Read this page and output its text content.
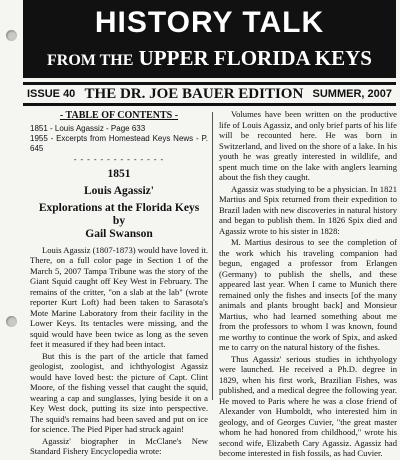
HISTORY TALK
FROM THE UPPER FLORIDA KEYS
ISSUE 40 THE DR. JOE BAUER EDITION SUMMER, 2007
- TABLE OF CONTENTS -
1851 - Louis Agassiz - Page 633
1955 - Excerpts from Homestead Keys News - P. 645
- - - - - - - - - - - - - -
1851
Louis Agassiz'
Explorations at the Florida Keys
by
Gail Swanson

Louis Agassiz (1807-1873) would have loved it. There, on a full color page in Section 1 of the March 5, 2007 Tampa Tribune was the story of the Giant Squid caught off Key West in February. The remains of the critter, "on a slab at the lab" (wrote reporter Kurt Loft) had been taken to Sarasota's Mote Marine Laboratory from their facility in the Lower Keys. Its tentacles were missing, and the squid would have been twice as long as the seven feet it measured if they had been intact.

But this is the part of the article that famed geologist, zoologist, and ichthyologist Agassiz would have loved best: the picture of Capt. Clint Moore, of the fishing vessel that caught the squid, wearing a cap and sunglasses, lying beside it on a Key West dock, putting its size into perspective. The squid's remains had been saved and put on ice for science. The Pied Piper had struck again!

Agassiz' biographer in McClane's New Standard Fishery Encyclopedia wrote:

Volumes have been written on the productive life of Louis Agassiz, and only brief parts of his life will be recounted here. He was born in Switzerland, and lived on the shore of a lake. In his youth he was greatly interested in wildlife, and spent much time on the lake with anglers learning about the fish they caught.

Agassiz was studying to be a physician. In 1821 Martius and Spix returned from their expedition to Brazil laden with new discoveries in natural history and began to publish them. In 1826 Spix died and Agassiz wrote to his sister in 1828:

M. Martius desirous to see the completion of the work which his traveling companion had begun, engaged a professor from Erlangen (Germany) to publish the shells, and these appeared last year. When I came to Munich there remained only the fishes and insects [of the many animals and plants brought back] and Monsieur Martius, who had learned something about me from the professors to whom I was known, found me worthy to continue the work of Spix, and asked me to carry on the natural history of the fishes.

Thus Agassiz' serious studies in ichthyology were launched. He received a Ph.D. degree in 1829, when his first work, Brazilian Fishes, was published, and a medical degree the following year. He moved to Paris where he was a close friend of Alexander von Humboldt, who interested him in geology, and of Georges Cuvier, "the great master whom he had honored from childhood," wrote his second wife, Elizabeth Cary Agassiz. Agassiz had become interested in fish fossils, as had Cuvier.
